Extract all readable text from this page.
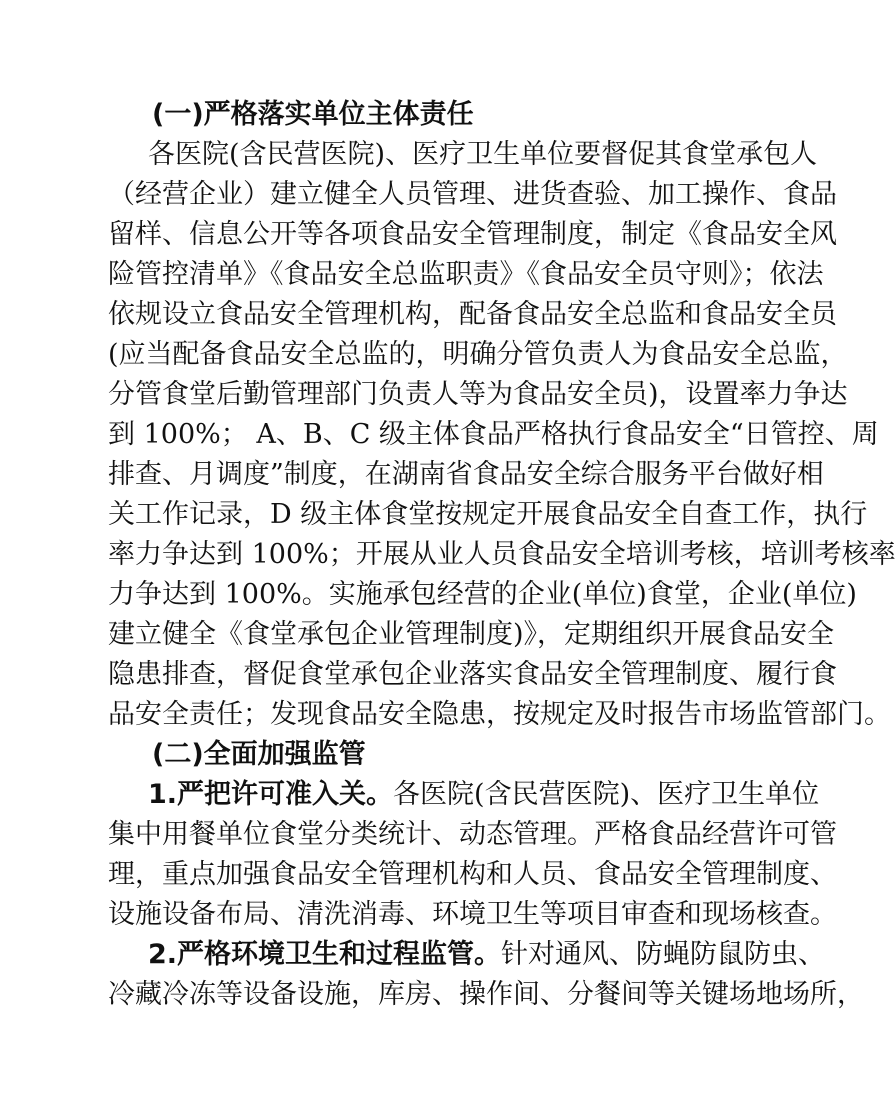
(一)严格落实单位主体责任
各医院(含民营医院)、医疗卫生单位要督促其食堂承包人
（经营企业）建立健全人员管理、进货查验、加工操作、食品
留样、信息公开等各项食品安全管理制度，制定《食品安全风
险管控清单》《食品安全总监职责》《食品安全员守则》；依法
依规设立食品安全管理机构，配备食品安全总监和食品安全员
(应当配备食品安全总监的，明确分管负责人为食品安全总监，
分管食堂后勤管理部门负责人等为食品安全员)，设置率力争达
到 100%； A、B、C 级主体食品严格执行食品安全“日管控、周
排查、月调度”制度，在湖南省食品安全综合服务平台做好相
关工作记录，D 级主体食堂按规定开展食品安全自查工作，执行
率力争达到 100%；开展从业人员食品安全培训考核，培训考核率
力争达到 100%。实施承包经营的企业(单位)食堂，企业(单位)
建立健全《食堂承包企业管理制度)》，定期组织开展食品安全
隐患排查，督促食堂承包企业落实食品安全管理制度、履行食
品安全责任；发现食品安全隐患，按规定及时报告市场监管部门。
(二)全面加强监管
1.严把许可准入关。各医院(含民营医院)、医疗卫生单位
集中用餐单位食堂分类统计、动态管理。严格食品经营许可管
理，重点加强食品安全管理机构和人员、食品安全管理制度、
设施设备布局、清洗消毒、环境卫生等项目审查和现场核查。
2.严格环境卫生和过程监管。针对通风、防蝇防鼠防虫、
冷藏冷冻等设备设施，库房、操作间、分餐间等关键场地场所，
